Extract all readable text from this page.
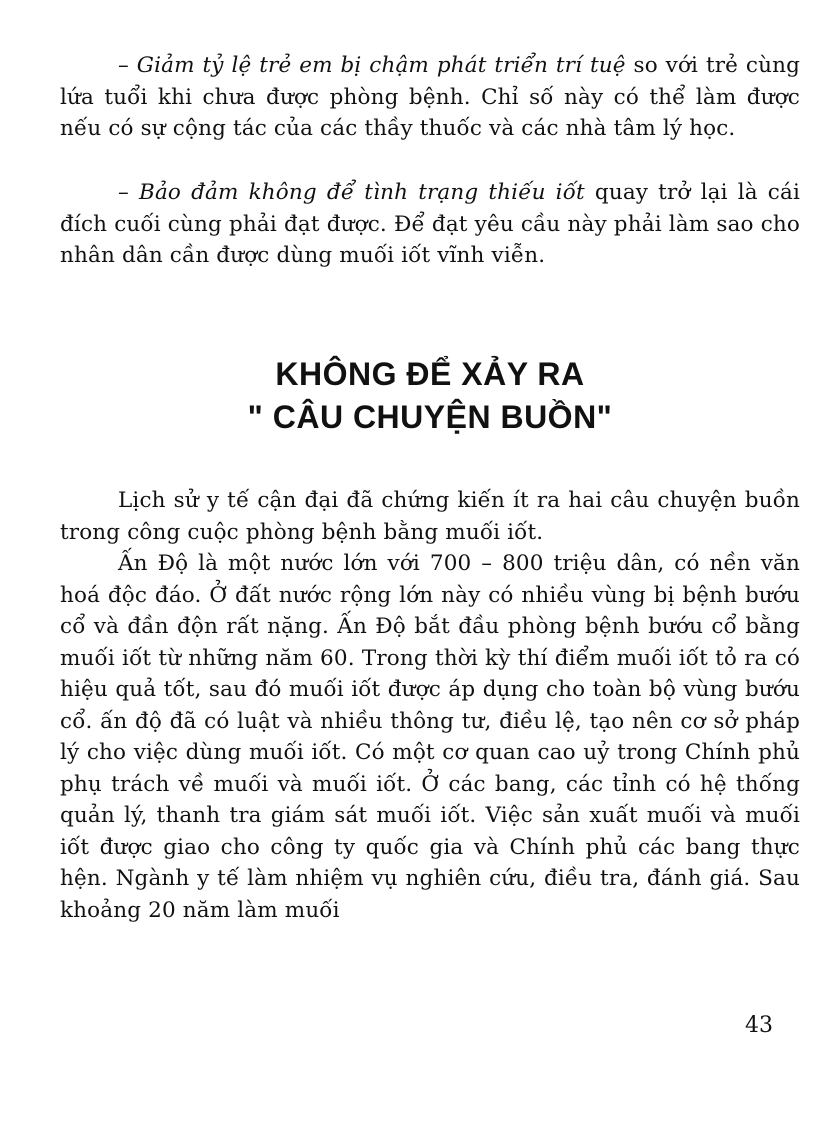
– Giảm tỷ lệ trẻ em bị chậm phát triển trí tuệ so với trẻ cùng lứa tuổi khi chưa được phòng bệnh. Chỉ số này có thể làm được nếu có sự cộng tác của các thầy thuốc và các nhà tâm lý học.

– Bảo đảm không để tình trạng thiếu iốt quay trở lại là cái đích cuối cùng phải đạt được. Để đạt yêu cầu này phải làm sao cho nhân dân cần được dùng muối iốt vĩnh viễn.

KHÔNG ĐỂ XẢY RA
" CÂU CHUYỆN BUỒN"

Lịch sử y tế cận đại đã chứng kiến ít ra hai câu chuyện buồn trong công cuộc phòng bệnh bằng muối iốt.

Ấn Độ là một nước lớn với 700 – 800 triệu dân, có nền văn hoá độc đáo. Ở đất nước rộng lớn này có nhiều vùng bị bệnh bướu cổ và đần độn rất nặng. Ấn Độ bắt đầu phòng bệnh bướu cổ bằng muối iốt từ những năm 60. Trong thời kỳ thí điểm muối iốt tỏ ra có hiệu quả tốt, sau đó muối iốt được áp dụng cho toàn bộ vùng bướu cổ. ấn độ đã có luật và nhiều thông tư, điều lệ, tạo nên cơ sở pháp lý cho việc dùng muối iốt. Có một cơ quan cao uỷ trong Chính phủ phụ trách về muối và muối iốt. Ở các bang, các tỉnh có hệ thống quản lý, thanh tra giám sát muối iốt. Việc sản xuất muối và muối iốt được giao cho công ty quốc gia và Chính phủ các bang thực hện. Ngành y tế làm nhiệm vụ nghiên cứu, điều tra, đánh giá. Sau khoảng 20 năm làm muối

43
